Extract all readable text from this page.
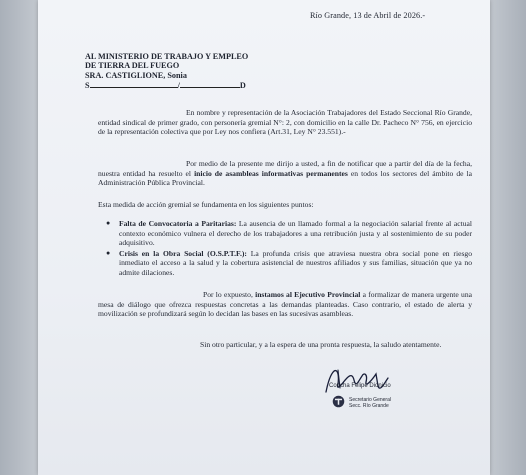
Río Grande, 13 de Abril de 2026.-
AL MINISTERIO DE TRABAJO Y EMPLEO
DE TIERRA DEL FUEGO
SRA. CASTIGLIONE, Sonia
S	/	D
En nombre y representación de la Asociación Trabajadores del Estado Seccional Río Grande, entidad sindical de primer grado, con personería gremial N°: 2, con domicilio en la calle Dr. Pacheco N° 756, en ejercicio de la representación colectiva que por Ley nos confiera (Art.31, Ley N° 23.551).-
Por medio de la presente me dirijo a usted, a fin de notificar que a partir del día de la fecha, nuestra entidad ha resuelto el inicio de asambleas informativas permanentes en todos los sectores del ámbito de la Administración Pública Provincial.
Esta medida de acción gremial se fundamenta en los siguientes puntos:
● Falta de Convocatoria a Paritarias: La ausencia de un llamado formal a la negociación salarial frente al actual contexto económico vulnera el derecho de los trabajadores a una retribución justa y al sostenimiento de su poder adquisitivo.
● Crisis en la Obra Social (O.S.P.T.F.): La profunda crisis que atraviesa nuestra obra social pone en riesgo inmediato el acceso a la salud y la cobertura asistencial de nuestros afiliados y sus familias, situación que ya no admite dilaciones.
Por lo expuesto, instamos al Ejecutivo Provincial a formalizar de manera urgente una mesa de diálogo que ofrezca respuestas concretas a las demandas planteadas. Caso contrario, el estado de alerta y movilización se profundizará según lo decidan las bases en las sucesivas asambleas.
Sin otro particular, y a la espera de una pronta respuesta, la saludo atentamente.
Concha Felipe Dionicio
Secretario General
Secc. Río Grande
